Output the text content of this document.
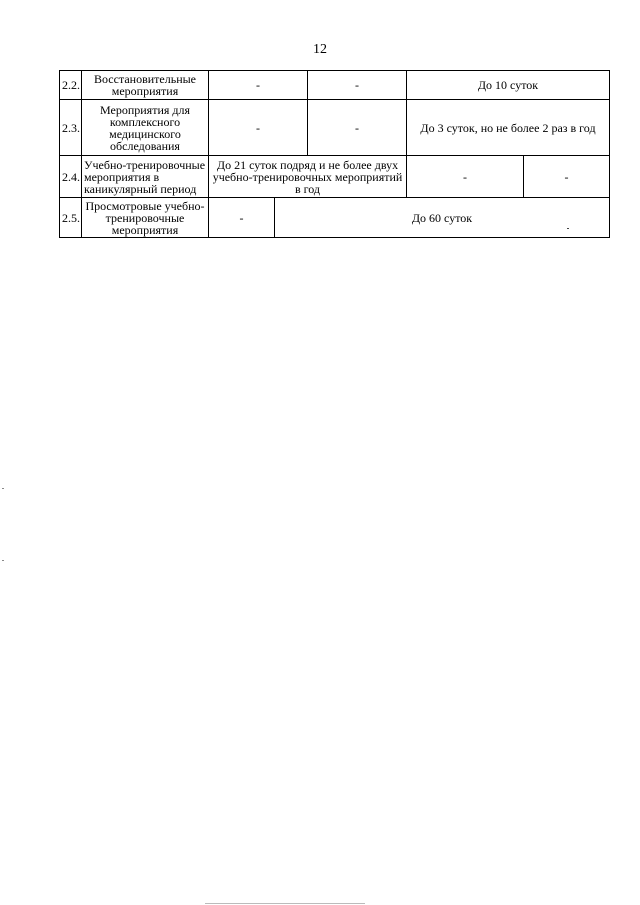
12
2.2.	Восстановительные мероприятия	-		-	До 10 суток	
2.3.	Мероприятия для комплексного медицинского обследования	-		-	До 3 суток, но не более 2 раз в год	
2.4.	Учебно-тренировочные мероприятия в каникулярный период	До 21 суток подряд и не более двух учебно-тренировочных мероприятий в год			-	-
2.5.	Просмотровые учебно-тренировочные мероприятия	-	До 60 суток			
